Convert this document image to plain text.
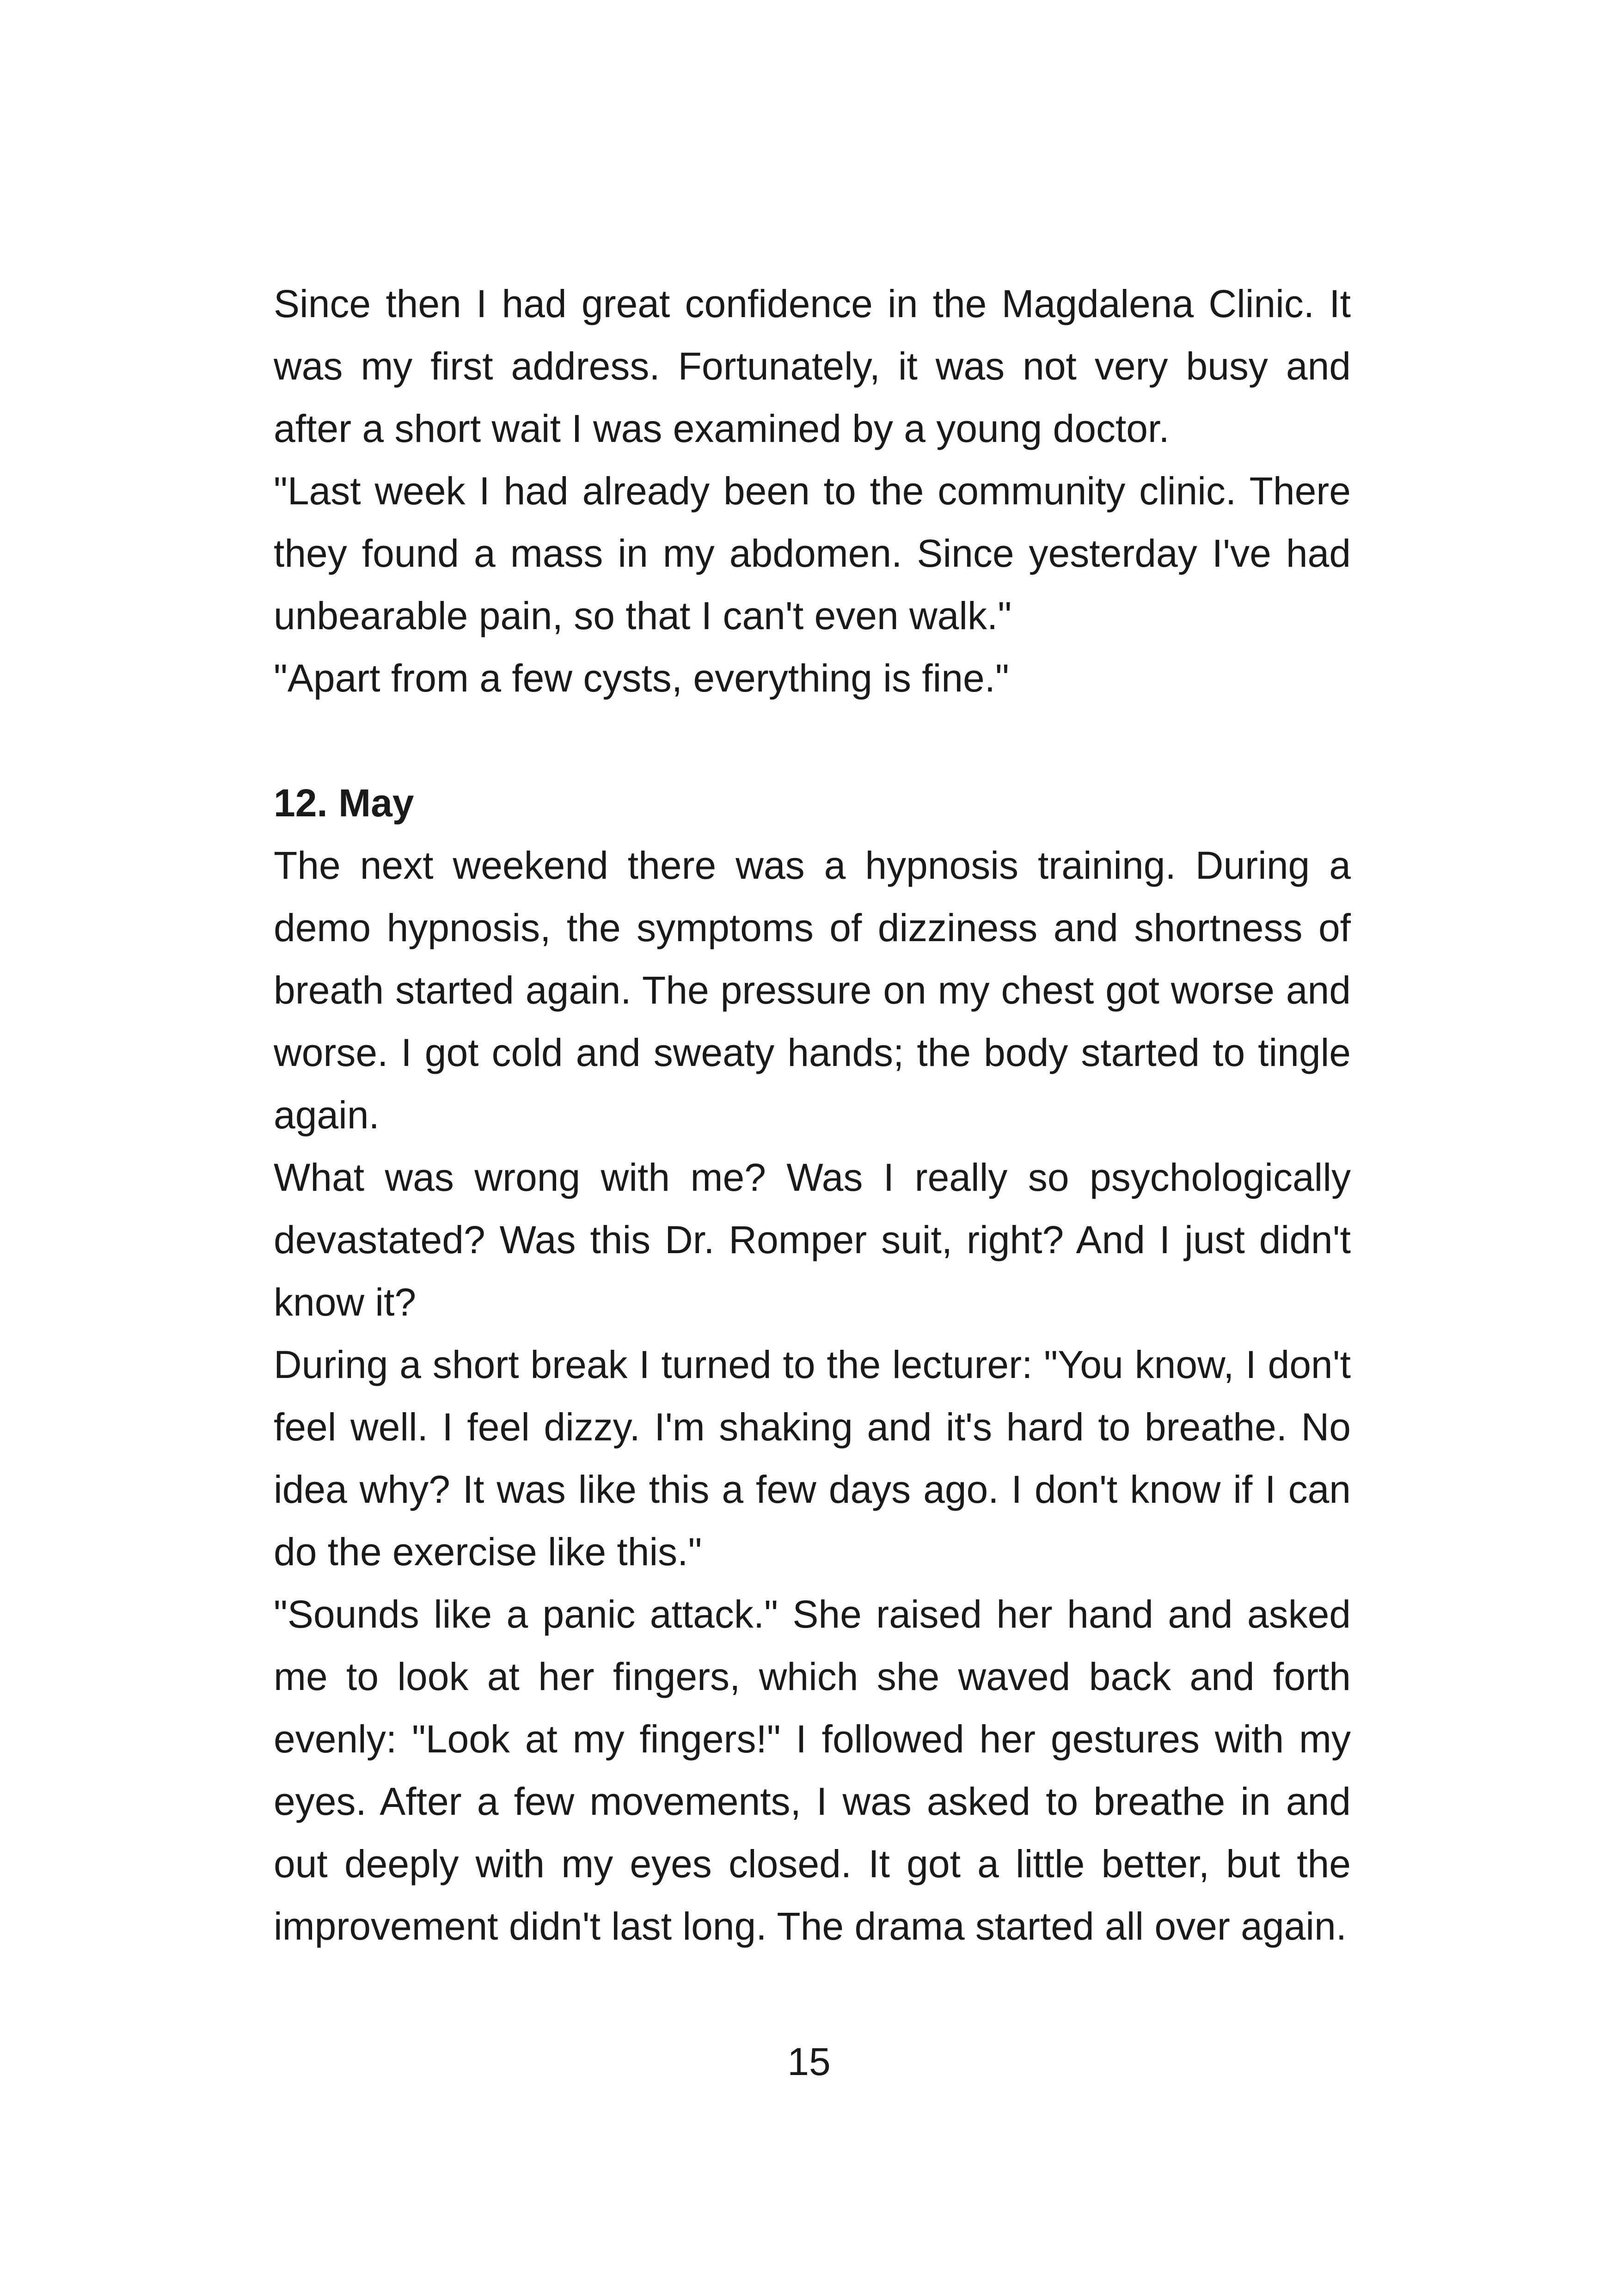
Since then I had great confidence in the Magdalena Clinic. It was my first address. Fortunately, it was not very busy and after a short wait I was examined by a young doctor.

"Last week I had already been to the community clinic. There they found a mass in my abdomen. Since yesterday I've had unbearable pain, so that I can't even walk."

"Apart from a few cysts, everything is fine."

12. May

The next weekend there was a hypnosis training. During a demo hypnosis, the symptoms of dizziness and shortness of breath started again. The pressure on my chest got worse and worse. I got cold and sweaty hands; the body started to tingle again.

What was wrong with me? Was I really so psychologically devastated? Was this Dr. Romper suit, right? And I just didn't know it?

During a short break I turned to the lecturer: "You know, I don't feel well. I feel dizzy. I'm shaking and it's hard to breathe. No idea why? It was like this a few days ago. I don't know if I can do the exercise like this."

"Sounds like a panic attack." She raised her hand and asked me to look at her fingers, which she waved back and forth evenly: "Look at my fingers!" I followed her gestures with my eyes. After a few movements, I was asked to breathe in and out deeply with my eyes closed. It got a little better, but the improvement didn't last long. The drama started all over again.

15
